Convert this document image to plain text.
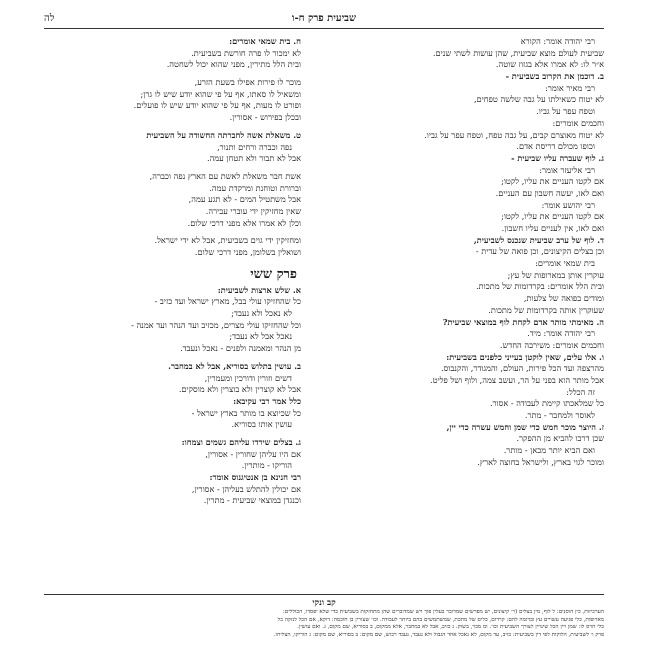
שביעית פרק ח-ו
לה
רבי יהודה אומר: הקורא
שביעית לעולם מוצא שביעית, שהן עושות לשתי שנים.
א״ר לו: לא אמרו אלא בגזוז שוטה.
ב. דוכמן את הקרוב בשביעית -
רבי מאיר אומר:
לא יטוח כשאילתו על גבה שלשה טפחים,
וטפח עפר על גביו.
וחכמים אומרים:
לא יטוח מאוצרם קבים, על גבה טפח, וטפח עפר על גביו.
וכופו מכולם דריסת אדם.
ג. לוף שעברה עליו שביעית -
רבי אליעזר אומר:
אם לקטו העניים את עליו, לקטו;
ואם לאו, יעשה חשבון עם העניים.
רבי יהושע אומר:
אם לקטו העניים את עליו, לקטו;
ואם לאו, אין לעניים עליו חשבון.
ד. לוף של ערב שביעית שנכנס לשביעית,
וכן בצלים הקיצונים, וכן פואה של עדית -
בית שמאי אומרים:
עוקרין אותן במארופות של עץ;
ובית הלל אומרים: בקרדומות של מתכות.
ומודים בפואה של צלעות,
שעוקרין אותה בקרדומות של מתכות.
ה. מאימתי מותר אדם לקחת לוף במוצאי שביעית?
רבי יהודה אומר: מיד.
וחכמים אומרים: משירבה החדש.
ו. אלו עלים, שאין לוקטן בעייני כלפנים בשביעית:
מהרצפה ועד הכל פירות, העולם, והמגודר, והקנבוס.
אבל מותר הוא בפני על הר, ועשב צמה, ולוף ושל פליט.
זה הכלל:
כל שמלאכתו קיימת לעבודה - אסור.
לאוסר ולמחבר - מתר.
ז. היוצר מוכר חמש כדי שמן וחמש עשרה כדי יין,
שכן דרכו להביא מן ההפקר.
ואם הביא יותר מכאן - מותר.
ומוכר לגוי בארץ, ולישראל בחוצה לארץ.
ח. בית שמאי אומרים:
לא ימכור לו פרה חורשת בשביעית.
ובית הלל מתירין, מפני שהוא יכול לשחטה.
מוכר לו פירות אפילו בשעת הזרע,
ומשאיל לו סאתו, אף על פי שהוא יודע שיש לו גרן;
ופורט לו מעות, אף על פי שהוא יודע שיש לו פועלים.
ובכלן בפירוש - אסורין.
ט. משאלת אשה לחברתה החשודה על השביעית
נפה וכברה ורחים ותנור,
אבל לא תבור ולא תטחן עמה.
אשת חבר משאלת לאשת עם הארץ נפה וכברה,
וברורת וטוחנת ומרקדת עמה.
אבל משתטיל המים - לא תגע עמה,
שאין מחזיקין ידי עוברי עבירה.
וכלן לא אמרו אלא מפני דרכי שלום.
ומחזיקין ידי גוים בשביעית, אבל לא ידי ישראל.
ושואלין בשלומן, מפני דרכי שלום.
פרק ששי
א. שלש ארצות לשביעית:
כל שהחזיקו עולי בבל, מארץ ישראל ועד כזיב -
לא נאכל ולא נעבד;
וכל שהחזיקו עולי מצרים, מכזיב ועד הנהר ועד אמנה -
נאכל אבל לא נעבד;
מן הנהר ומאמנה ולפנים - נאכל ונעבד.
ב. עושין בתלוש בסוריא, אבל לא במחבר.
דשים וזורין ודורכין ומעמרין,
אבל לא קוצרין ולא בוצרין ולא מוסקים.
כלל אמר רבי עקיבא:
כל שכיוצא בו מותר בארץ ישראל -
עושין אותו בסוריא.
ג. בצלים שירדו עליהם גשמים וצמחו:
אם היו עליהן שחורין - אסורין,
הוריקו - מותרין.
רבי חנינא בן אנטיגנוס אומר:
אם יכולין להתלש בעליהן - אסורין,
וכנגדן במוצאי שביעית - מתרין.
קב ונקי
הערכיזות, כין הוסנים: ל לוף, מין בצלים (ר׳ קיצונים, יש מפרשים שמדובר בעלין פוך ויש שמדוברים שהן מתחזקות בשביעית כדי שלא יפסדו, הכוללים:
מארופות, כלי פגיעה עשויים עץ ובדומה להם: קרדום, כלים של מתכת, שמשתמשים בהם ביותר לעבודה. וכו׳ שעורין בן חוכמה: דוקא, אם הכל לנזקה כל
כלי חרס לו: שמן ויין הכל שינויין לצורך השביעית וכו׳. ומ מבר, בשוק. ג כזיב, אבל לא במחבר, אלא ממקום, ב בסוריא, שם מקום, ג. ואם עושין.
פרק ו׳ לשביעית, הלוקות לפי דין בשביעית: כזיב, עד מקום, לא נאכל אחד הגבול ולא נעבד, נעבד רכוש, שם מקום: ב בסוריא, שם מקום: ג הוריקו, הצליחו.
